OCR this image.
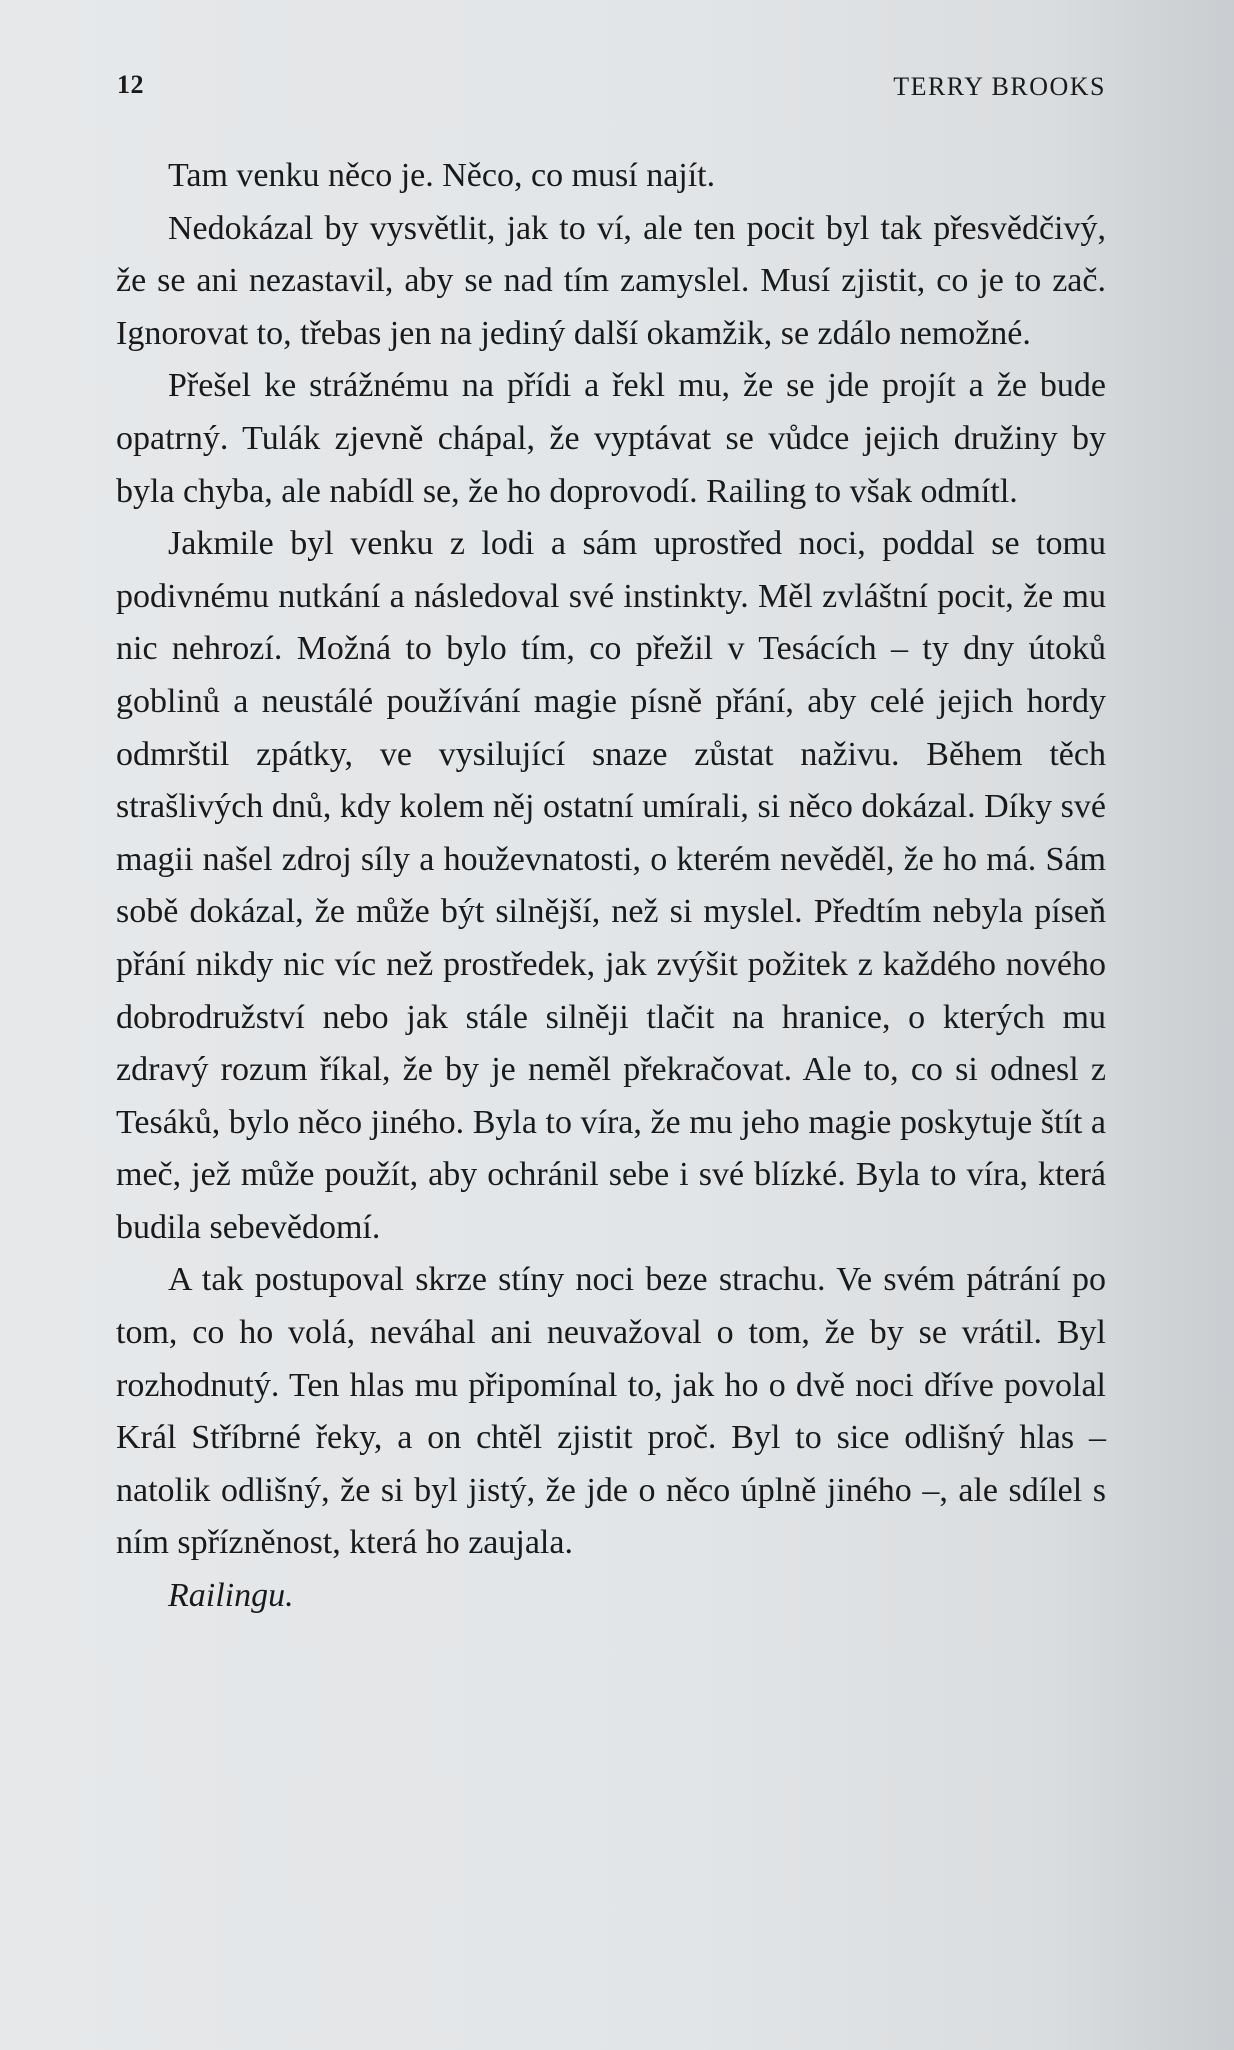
12	TERRY BROOKS

Tam venku něco je. Něco, co musí najít.

Nedokázal by vysvětlit, jak to ví, ale ten pocit byl tak přesvědčivý, že se ani nezastavil, aby se nad tím zamyslel. Musí zjistit, co je to zač. Ignorovat to, třebas jen na jediný další okamžik, se zdálo nemožné.

Přešel ke strážnému na přídi a řekl mu, že se jde projít a že bude opatrný. Tulák zjevně chápal, že vyptávat se vůdce jejich družiny by byla chyba, ale nabídl se, že ho doprovodí. Railing to však odmítl.

Jakmile byl venku z lodi a sám uprostřed noci, poddal se tomu podivnému nutkání a následoval své instinkty. Měl zvláštní pocit, že mu nic nehrozí. Možná to bylo tím, co přežil v Tesácích – ty dny útoků goblinů a neustálé používání magie písně přání, aby celé jejich hordy odmrštil zpátky, ve vysilující snaze zůstat naživu. Během těch strašlivých dnů, kdy kolem něj ostatní umírali, si něco dokázal. Díky své magii našel zdroj síly a houževnatosti, o kterém nevěděl, že ho má. Sám sobě dokázal, že může být silnější, než si myslel. Předtím nebyla píseň přání nikdy nic víc než prostředek, jak zvýšit požitek z každého nového dobrodružství nebo jak stále silněji tlačit na hranice, o kterých mu zdravý rozum říkal, že by je neměl překračovat. Ale to, co si odnesl z Tesáků, bylo něco jiného. Byla to víra, že mu jeho magie poskytuje štít a meč, jež může použít, aby ochránil sebe i své blízké. Byla to víra, která budila sebevědomí.

A tak postupoval skrze stíny noci beze strachu. Ve svém pátrání po tom, co ho volá, neváhal ani neuvažoval o tom, že by se vrátil. Byl rozhodnutý. Ten hlas mu připomínal to, jak ho o dvě noci dříve povolal Král Stříbrné řeky, a on chtěl zjistit proč. Byl to sice odlišný hlas – natolik odlišný, že si byl jistý, že jde o něco úplně jiného –, ale sdílel s ním spřízněnost, která ho zaujala.

Railingu.
